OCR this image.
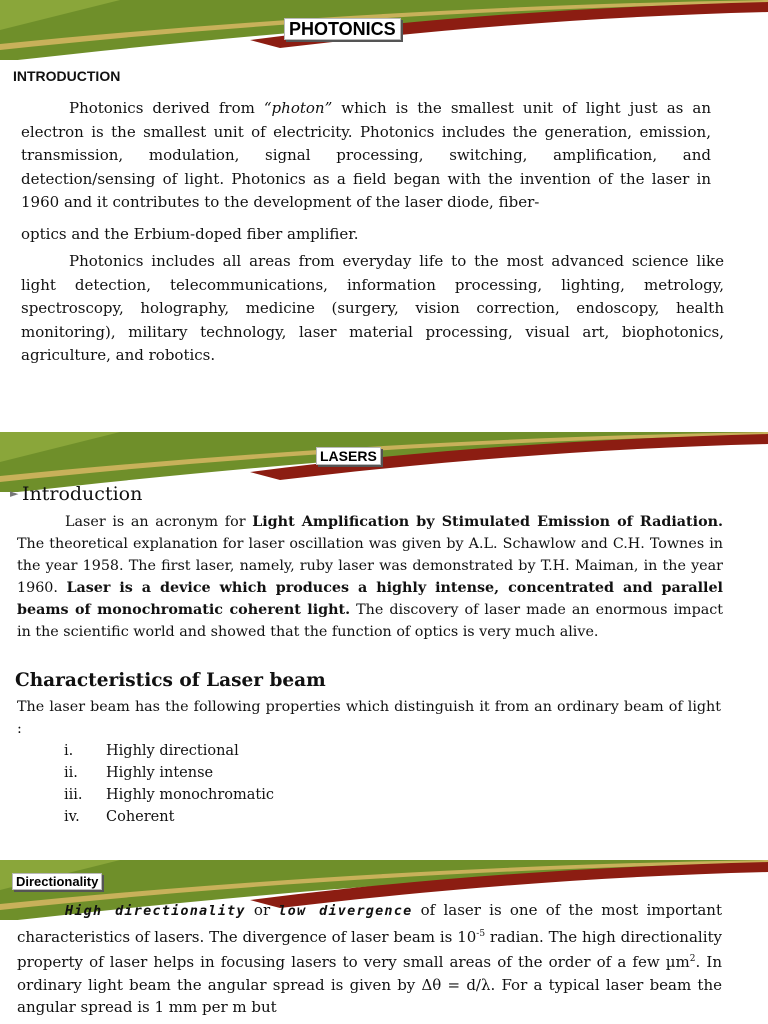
PHOTONICS
INTRODUCTION

Photonics derived from “photon” which is the smallest unit of light just as an electron is the smallest unit of electricity. Photonics includes the generation, emission, transmission, modulation, signal processing, switching, amplification, and detection/sensing of light. Photonics as a field began with the invention of the laser in 1960 and it contributes to the development of the laser diode, fiber-

optics and the Erbium-doped fiber amplifier.

Photonics includes all areas from everyday life to the most advanced science like light detection, telecommunications, information processing, lighting, metrology, spectroscopy, holography, medicine (surgery, vision correction, endoscopy, health monitoring), military technology, laser material processing, visual art, biophotonics, agriculture, and robotics.

LASERS
► Introduction

Laser is an acronym for Light Amplification by Stimulated Emission of Radiation. The theoretical explanation for laser oscillation was given by A.L. Schawlow and C.H. Townes in the year 1958. The first laser, namely, ruby laser was demonstrated by T.H. Maiman, in the year 1960. Laser is a device which produces a highly intense, concentrated and parallel beams of monochromatic coherent light. The discovery of laser made an enormous impact in the scientific world and showed that the function of optics is very much alive.

Characteristics of Laser beam

The laser beam has the following properties which distinguish it from an ordinary beam of light :

i. Highly directional
ii. Highly intense
iii. Highly monochromatic
iv. Coherent
Directionality

High directionality or low divergence of laser is one of the most important characteristics of lasers. The divergence of laser beam is $10^{-5}$ radian. The high directionality property of laser helps in focusing lasers to very small areas of the order of a few µm$^2$. In ordinary light beam the angular spread is given by Δθ = d/λ. For a typical laser beam the angular spread is 1 mm per m but
